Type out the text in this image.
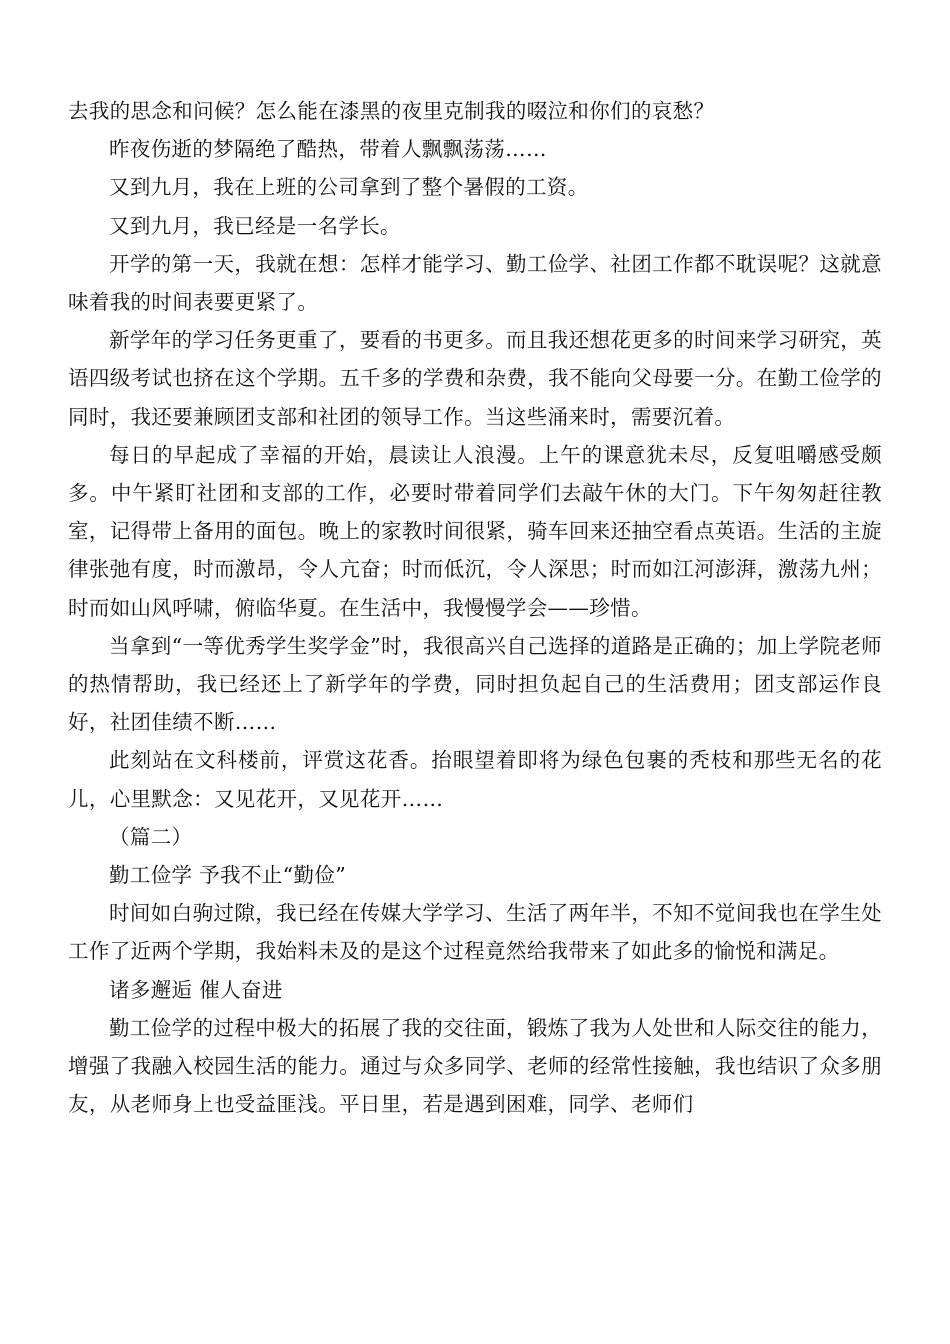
去我的思念和问候？怎么能在漆黑的夜里克制我的啜泣和你们的哀愁？

昨夜伤逝的梦隔绝了酷热，带着人飘飘荡荡……

又到九月，我在上班的公司拿到了整个暑假的工资。

又到九月，我已经是一名学长。

开学的第一天，我就在想：怎样才能学习、勤工俭学、社团工作都不耽误呢？这就意味着我的时间表要更紧了。

新学年的学习任务更重了，要看的书更多。而且我还想花更多的时间来学习研究，英语四级考试也挤在这个学期。五千多的学费和杂费，我不能向父母要一分。在勤工俭学的同时，我还要兼顾团支部和社团的领导工作。当这些涌来时，需要沉着。

每日的早起成了幸福的开始，晨读让人浪漫。上午的课意犹未尽，反复咀嚼感受颇多。中午紧盯社团和支部的工作，必要时带着同学们去敲午休的大门。下午匆匆赶往教室，记得带上备用的面包。晚上的家教时间很紧，骑车回来还抽空看点英语。生活的主旋律张弛有度，时而激昂，令人亢奋；时而低沉，令人深思；时而如江河澎湃，激荡九州；时而如山风呼啸，俯临华夏。在生活中，我慢慢学会——珍惜。

当拿到“一等优秀学生奖学金”时，我很高兴自己选择的道路是正确的；加上学院老师的热情帮助，我已经还上了新学年的学费，同时担负起自己的生活费用；团支部运作良好，社团佳绩不断……

此刻站在文科楼前，评赏这花香。抬眼望着即将为绿色包裹的秃枝和那些无名的花儿，心里默念：又见花开，又见花开……

（篇二）

勤工俭学 予我不止“勤俭”

时间如白驹过隙，我已经在传媒大学学习、生活了两年半，不知不觉间我也在学生处工作了近两个学期，我始料未及的是这个过程竟然给我带来了如此多的愉悦和满足。

诸多邂逅 催人奋进

勤工俭学的过程中极大的拓展了我的交往面，锻炼了我为人处世和人际交往的能力，增强了我融入校园生活的能力。通过与众多同学、老师的经常性接触，我也结识了众多朋友，从老师身上也受益匪浅。平日里，若是遇到困难，同学、老师们
